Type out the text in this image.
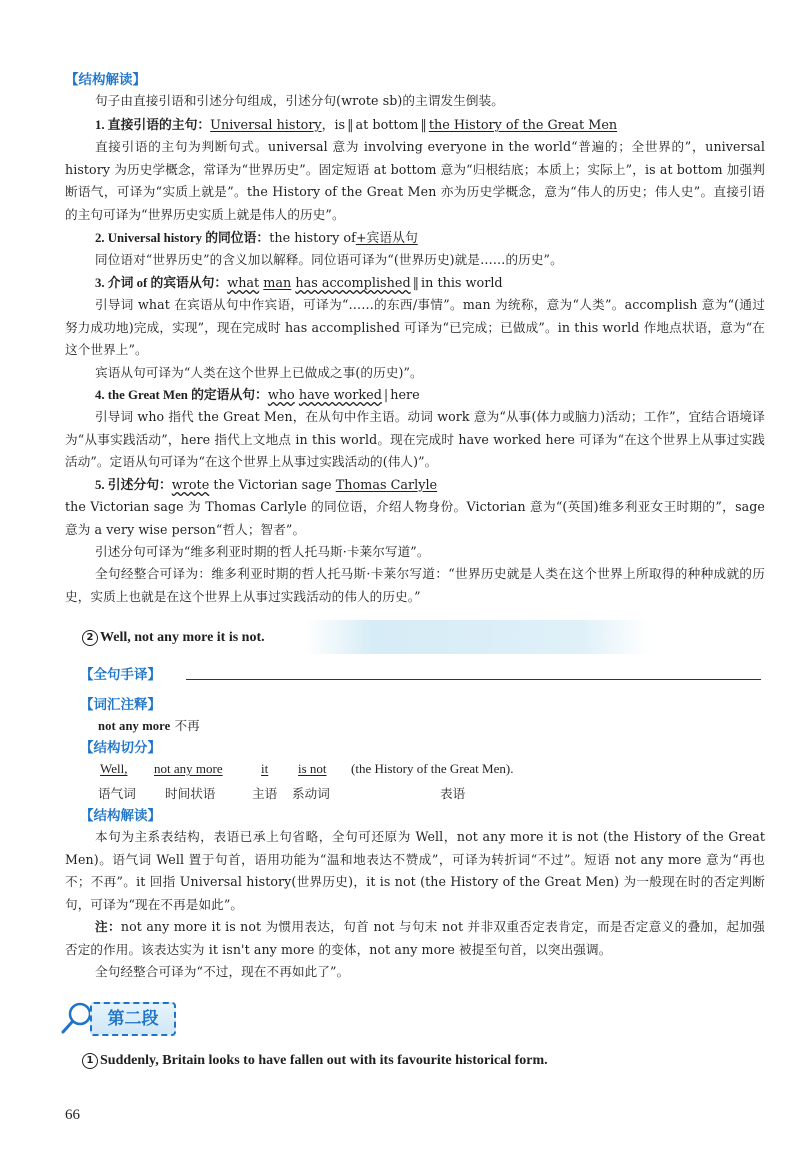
【结构解读】
句子由直接引语和引述分句组成，引述分句(wrote sb)的主谓发生倒装。
1. 直接引语的主句：Universal history，is ‖ at bottom ‖ the History of the Great Men
直接引语的主句为判断句式。universal 意为 involving everyone in the world“普遍的；全世界的”，universal history 为历史学概念，常译为“世界历史”。固定短语 at bottom 意为“归根结底；本质上；实际上”，is at bottom 加强判断语气，可译为“实质上就是”。the History of the Great Men 亦为历史学概念，意为“伟人的历史；伟人史”。直接引语的主句可译为“世界历史实质上就是伟人的历史”。
2. Universal history 的同位语：the history of+宾语从句
同位语对“世界历史”的含义加以解释。同位语可译为“(世界历史)就是……的历史”。
3. 介词 of 的宾语从句：what man has accomplished ‖ in this world
引导词 what 在宾语从句中作宾语，可译为“……的东西/事情”。man 为统称，意为“人类”。accomplish 意为“(通过努力成功地)完成，实现”，现在完成时 has accomplished 可译为“已完成；已做成”。in this world 作地点状语，意为“在这个世界上”。
宾语从句可译为“人类在这个世界上已做成之事(的历史)”。
4. the Great Men 的定语从句：who have worked | here
引导词 who 指代 the Great Men，在从句中作主语。动词 work 意为“从事(体力或脑力)活动；工作”，宜结合语境译为“从事实践活动”，here 指代上文地点 in this world。现在完成时 have worked here 可译为“在这个世界上从事过实践活动”。定语从句可译为“在这个世界上从事过实践活动的(伟人)”。
5. 引述分句：wrote the Victorian sage Thomas Carlyle
the Victorian sage 为 Thomas Carlyle 的同位语，介绍人物身份。Victorian 意为“(英国)维多利亚女王时期的”，sage 意为 a very wise person“哲人；智者”。
引述分句可译为“维多利亚时期的哲人托马斯·卡莱尔写道”。
全句经整合可译为：维多利亚时期的哲人托马斯·卡莱尔写道：“世界历史就是人类在这个世界上所取得的种种成就的历史，实质上也就是在这个世界上从事过实践活动的伟人的历史。”
2 Well, not any more it is not.
【全句手译】
【词汇注释】
not any more 不再
【结构切分】
Well, not any more	it is not (the History of the Great Men).
语气词 时间状语	主语 系动词	表语
【结构解读】
本句为主系表结构，表语已承上句省略，全句可还原为 Well，not any more it is not (the History of the Great Men)。语气词 Well 置于句首，语用功能为“温和地表达不赞成”，可译为转折词“不过”。短语 not any more 意为“再也不；不再”。it 回指 Universal history(世界历史)，it is not (the History of the Great Men) 为一般现在时的否定判断句，可译为“现在不再是如此”。
注：not any more it is not 为惯用表达，句首 not 与句末 not 并非双重否定表肯定，而是否定意义的叠加，起加强否定的作用。该表达实为 it isn't any more 的变体，not any more 被提至句首，以突出强调。
全句经整合可译为“不过，现在不再如此了”。
第二段
1 Suddenly, Britain looks to have fallen out with its favourite historical form.
66
